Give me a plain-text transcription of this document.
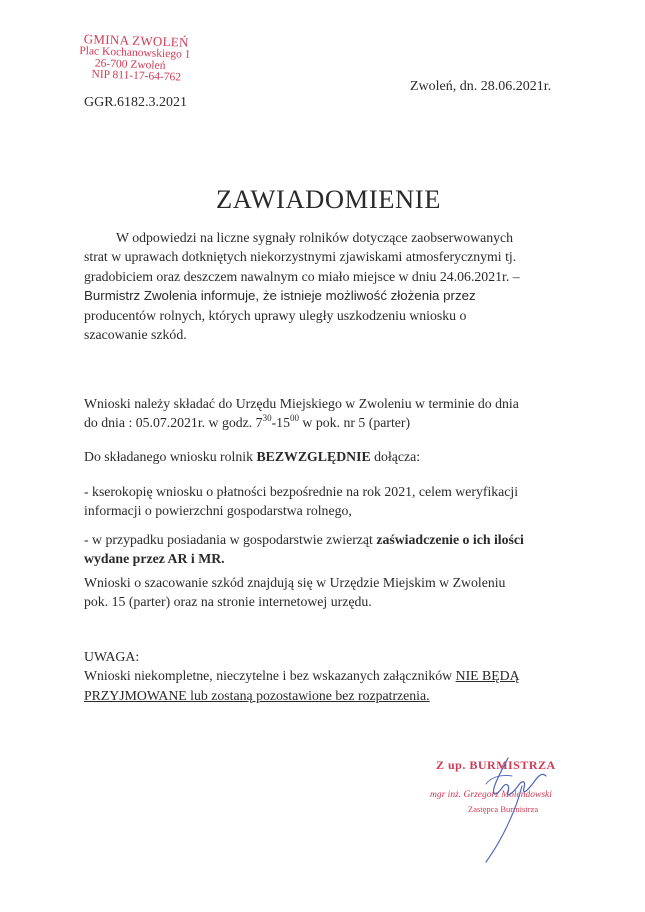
GMINA ZWOLEŃ
Plac Kochanowskiego 1
26-700 Zwoleń
NIP 811-17-64-762
Zwoleń, dn. 28.06.2021r.
GGR.6182.3.2021
ZAWIADOMIENIE
W odpowiedzi na liczne sygnały rolników dotyczące zaobserwowanych
strat w uprawach dotkniętych niekorzystnymi zjawiskami atmosferycznymi tj.
gradobiciem oraz deszczem nawalnym co miało miejsce w dniu 24.06.2021r. –
Burmistrz Zwolenia informuje, że istnieje możliwość złożenia przez
producentów rolnych, których uprawy uległy uszkodzeniu wniosku o
szacowanie szkód.
Wnioski należy składać do Urzędu Miejskiego w Zwoleniu w terminie do dnia
do dnia : 05.07.2021r. w godz. $7^{30}-15^{00}$ w pok. nr 5 (parter)
Do składanego wniosku rolnik BEZWZGLĘDNIE dołącza:
- kserokopię wniosku o płatności bezpośrednie na rok 2021, celem weryfikacji
informacji o powierzchni gospodarstwa rolnego,
- w przypadku posiadania w gospodarstwie zwierząt zaświadczenie o ich ilości
wydane przez AR i MR.
Wnioski o szacowanie szkód znajdują się w Urzędzie Miejskim w Zwoleniu
pok. 15 (parter) oraz na stronie internetowej urzędu.
UWAGA:
Wnioski niekompletne, nieczytelne i bez wskazanych załączników NIE BĘDĄ
PRZYJMOWANE lub zostaną pozostawione bez rozpatrzenia.
Z up. BURMISTRZA
mgr inż. Grzegorz Molendowski
Zastępca Burmistrza
